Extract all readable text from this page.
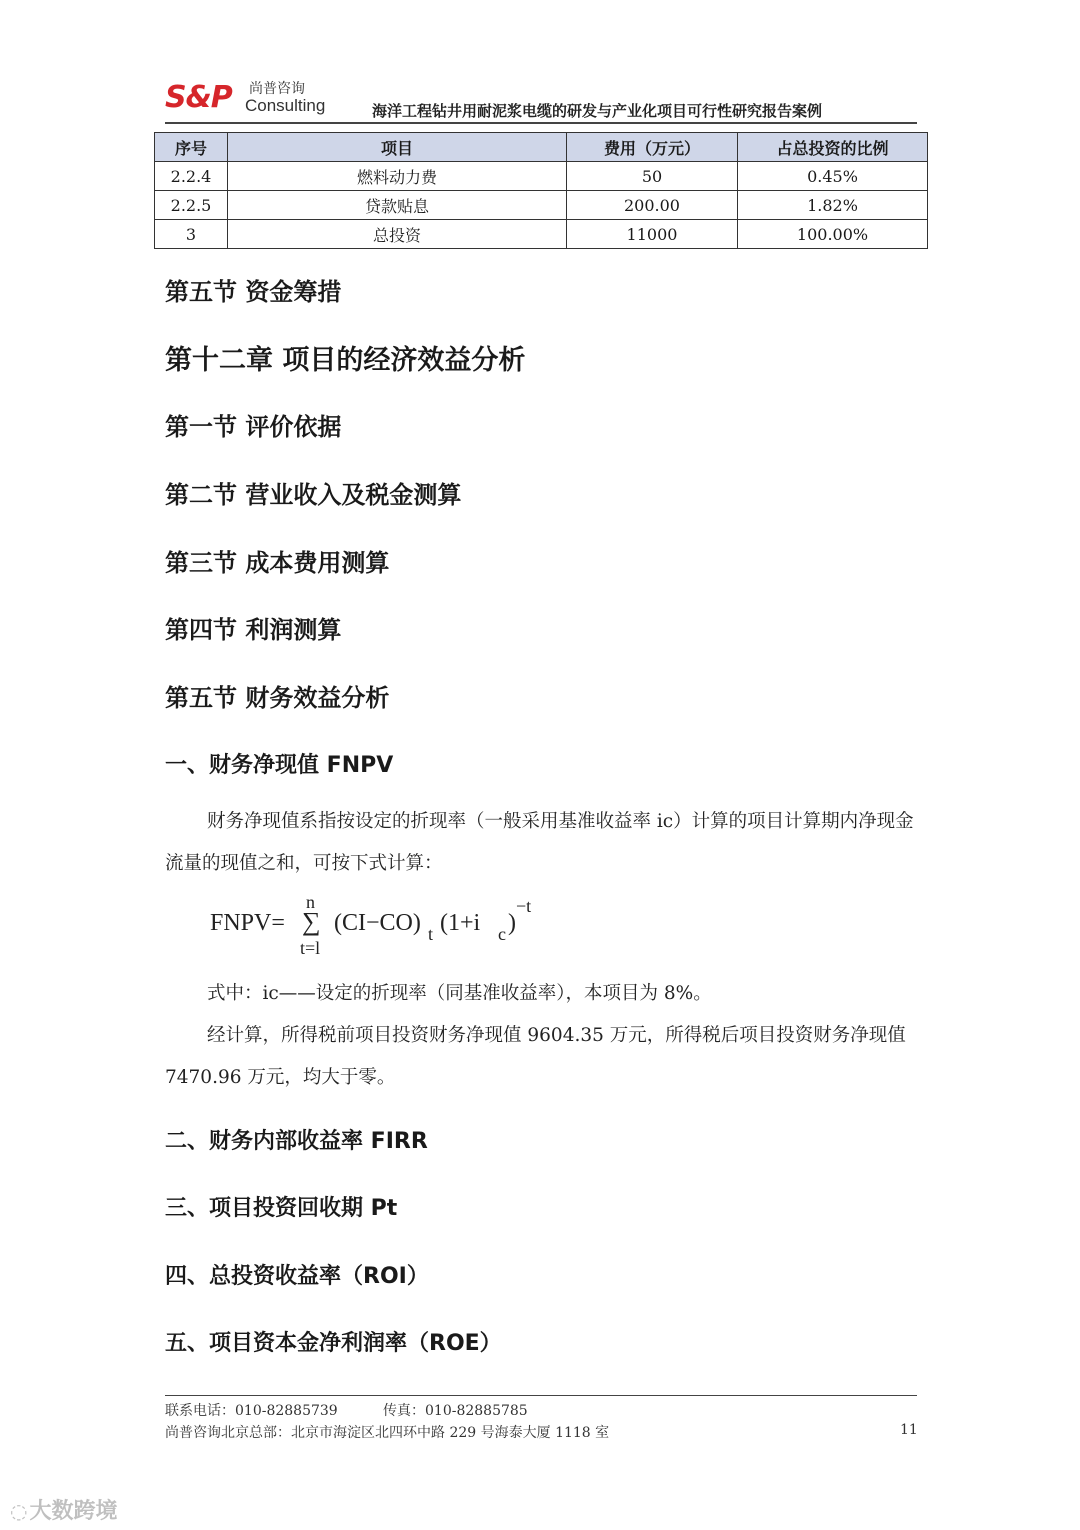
S&P 尚普咨询
Consulting	海洋工程钻井用耐泥浆电缆的研发与产业化项目可行性研究报告案例
序号	项目	费用（万元）	占总投资的比例
2.2.4	燃料动力费	50	0.45%
2.2.5	贷款贴息	200.00	1.82%
3	总投资	11000	100.00%
第五节 资金筹措
第十二章 项目的经济效益分析
第一节 评价依据
第二节 营业收入及税金测算
第三节 成本费用测算
第四节 利润测算
第五节 财务效益分析
一、财务净现值 FNPV
财务净现值系指按设定的折现率（一般采用基准收益率 ic）计算的项目计算期内净现金流量的现值之和，可按下式计算：
FNPV=
n
∑
t=l
(CI−CO) t (1+i c )
−t
式中：ic——设定的折现率（同基准收益率），本项目为 8%。
经计算，所得税前项目投资财务净现值 9604.35 万元，所得税后项目投资财务净现值 7470.96 万元，均大于零。
二、财务内部收益率 FIRR
三、项目投资回收期 Pt
四、总投资收益率（ROI）
五、项目资本金净利润率（ROE）
联系电话：010-82885739	传真：010-82885785
尚普咨询北京总部：北京市海淀区北四环中路 229 号海泰大厦 1118 室	11
◌大数跨境
